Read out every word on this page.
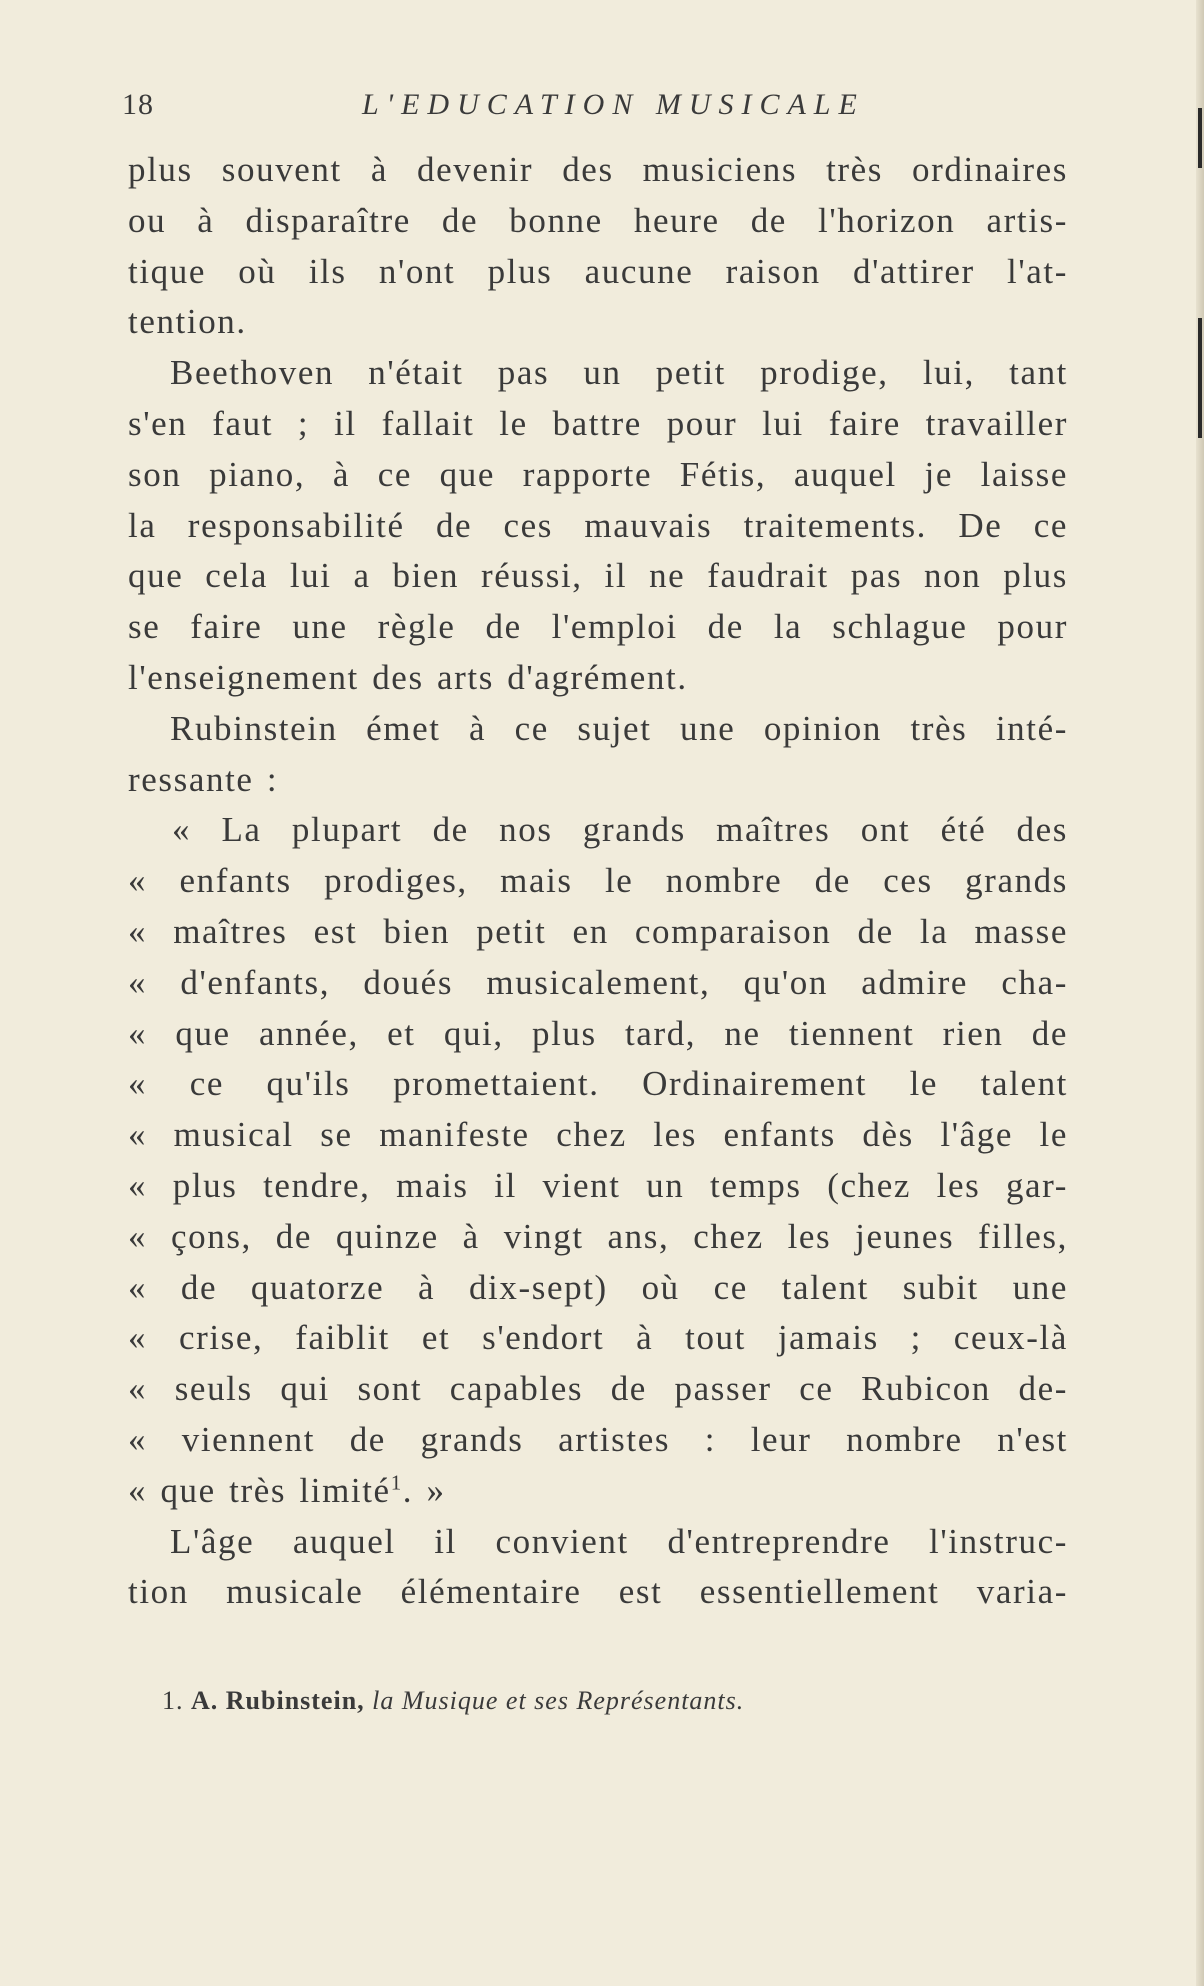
18	L'EDUCATION MUSICALE
plus souvent à devenir des musiciens très ordinaires
ou à disparaître de bonne heure de l'horizon artis-
tique où ils n'ont plus aucune raison d'attirer l'at-
tention.
Beethoven n'était pas un petit prodige, lui, tant
s'en faut ; il fallait le battre pour lui faire travailler
son piano, à ce que rapporte Fétis, auquel je laisse
la responsabilité de ces mauvais traitements. De ce
que cela lui a bien réussi, il ne faudrait pas non plus
se faire une règle de l'emploi de la schlague pour
l'enseignement des arts d'agrément.
Rubinstein émet à ce sujet une opinion très inté-
ressante :
« La plupart de nos grands maîtres ont été des
« enfants prodiges, mais le nombre de ces grands
« maîtres est bien petit en comparaison de la masse
« d'enfants, doués musicalement, qu'on admire cha-
« que année, et qui, plus tard, ne tiennent rien de
« ce qu'ils promettaient. Ordinairement le talent
« musical se manifeste chez les enfants dès l'âge le
« plus tendre, mais il vient un temps (chez les gar-
« çons, de quinze à vingt ans, chez les jeunes filles,
« de quatorze à dix-sept) où ce talent subit une
« crise, faiblit et s'endort à tout jamais ; ceux-là
« seuls qui sont capables de passer ce Rubicon de-
« viennent de grands artistes : leur nombre n'est
« que très limité$^1$. »
L'âge auquel il convient d'entreprendre l'instruc-
tion musicale élémentaire est essentiellement varia-
1. A. Rubinstein, la Musique et ses Représentants.
